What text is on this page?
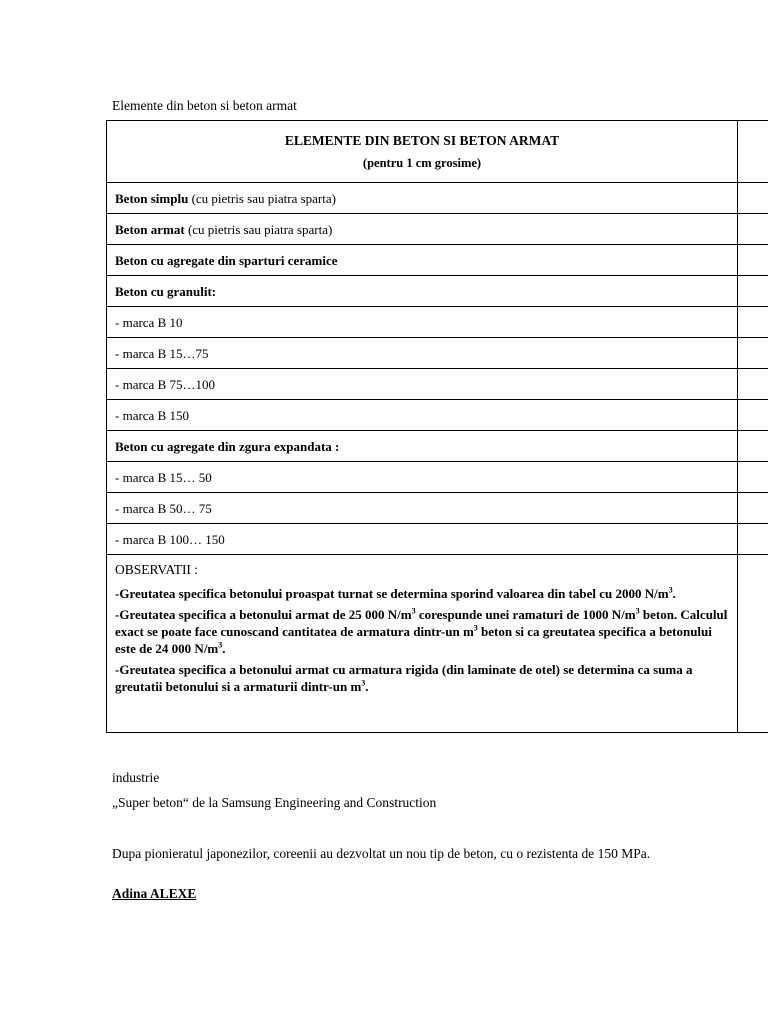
Elemente din beton si beton armat
ELEMENTE DIN BETON SI BETON ARMAT
(pentru 1 cm grosime)	

Beton simplu (cu pietris sau piatra sparta)	
Beton armat (cu pietris sau piatra sparta)	
Beton cu agregate din sparturi ceramice	
Beton cu granulit:	
- marca B 10	
- marca B 15…75	
- marca B 75…100	
- marca B 150	
Beton cu agregate din zgura expandata :	
- marca B 15… 50	
- marca B 50… 75	
- marca B 100… 150	

OBSERVATII :
-Greutatea specifica betonului proaspat turnat se determina sporind valoarea din tabel cu 2000 $N/m^3$.
-Greutatea specifica a betonului armat de 25 000 $N/m^3$ corespunde unei ramaturi de 1000 $N/m^3$ beton. Calculul exact se poate face cunoscand cantitatea de armatura dintr-un $m^3$ beton si ca greutatea specifica a betonului este de 24 000 $N/m^3$.
-Greutatea specifica a betonului armat cu armatura rigida (din laminate de otel) se determina ca suma a greutatii betonului si a armaturii dintr-un $m^3$.	

industrie
„Super beton“ de la Samsung Engineering and Construction
Dupa pionieratul japonezilor, coreenii au dezvoltat un nou tip de beton, cu o rezistenta de 150 MPa.
Adina ALEXE
